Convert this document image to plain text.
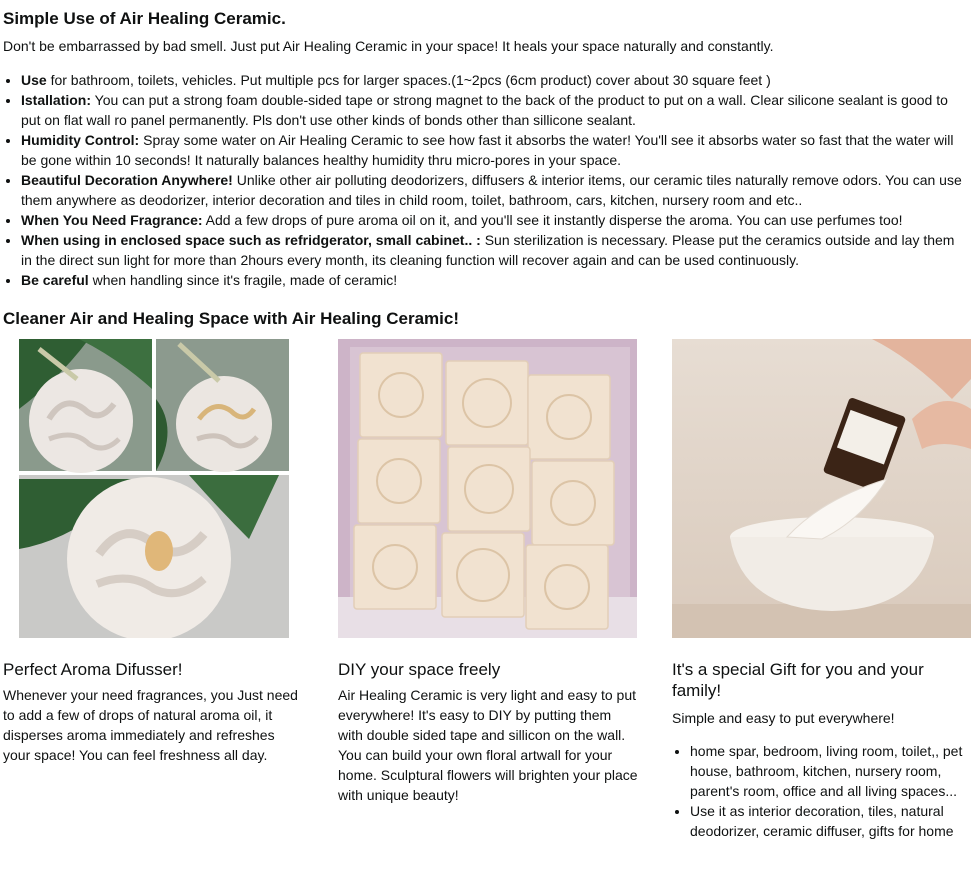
Simple Use of Air Healing Ceramic.

Don't be embarrassed by bad smell. Just put Air Healing Ceramic in your space! It heals your space naturally and constantly.

• Use for bathroom, toilets, vehicles. Put multiple pcs for larger spaces.(1~2pcs (6cm product) cover about 30 square feet )
• Istallation: You can put a strong foam double-sided tape or strong magnet to the back of the product to put on a wall. Clear silicone sealant is good to put on flat wall ro panel permanently. Pls don't use other kinds of bonds other than sillicone sealant.
• Humidity Control: Spray some water on Air Healing Ceramic to see how fast it absorbs the water! You'll see it absorbs water so fast that the water will be gone within 10 seconds! It naturally balances healthy humidity thru micro-pores in your space.
• Beautiful Decoration Anywhere! Unlike other air polluting deodorizers, diffusers & interior items, our ceramic tiles naturally remove odors. You can use them anywhere as deodorizer, interior decoration and tiles in child room, toilet, bathroom, cars, kitchen, nursery room and etc..
• When You Need Fragrance: Add a few drops of pure aroma oil on it, and you'll see it instantly disperse the aroma. You can use perfumes too!
• When using in enclosed space such as refridgerator, small cabinet.. : Sun sterilization is necessary. Please put the ceramics outside and lay them in the direct sun light for more than 2hours every month, its cleaning function will recover again and can be used continuously.
• Be careful when handling since it's fragile, made of ceramic!
Cleaner Air and Healing Space with Air Healing Ceramic!
Perfect Aroma Difusser!

Whenever your need fragrances, you Just need to add a few of drops of natural aroma oil, it disperses aroma immediately and refreshes your space! You can feel freshness all day.

DIY your space freely

Air Healing Ceramic is very light and easy to put everywhere! It's easy to DIY by putting them with double sided tape and sillicon on the wall. You can build your own floral artwall for your home. Sculptural flowers will brighten your place with unique beauty!

It's a special Gift for you and your family!

Simple and easy to put everywhere!

• home spar, bedroom, living room, toilet,, pet house, bathroom, kitchen, nursery room, parent's room, office and all living spaces...
• Use it as interior decoration, tiles, natural deodorizer, ceramic diffuser, gifts for home
